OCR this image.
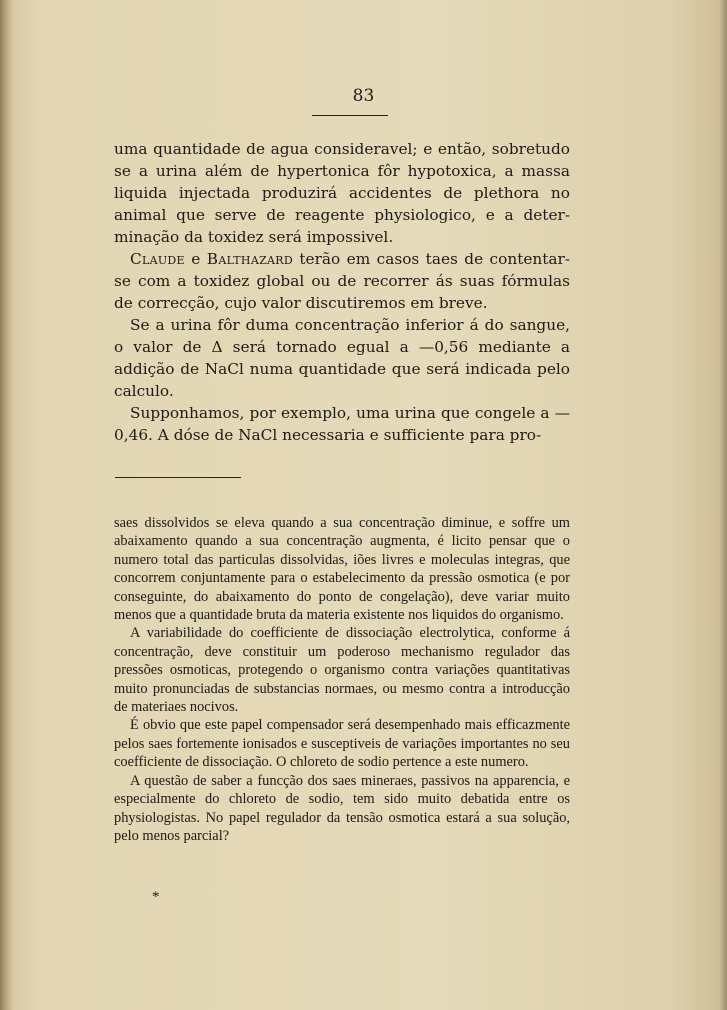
83

uma quantidade de agua consideravel; e então, sobretudo se a urina além de hypertonica fôr hypotoxica, a massa liquida injectada produzirá accidentes de plethora no animal que serve de reagente physiologico, e a determinação da toxidez será impossivel.

Claude e Balthazard terão em casos taes de contentar-se com a toxidez global ou de recorrer ás suas fórmulas de correcção, cujo valor discutiremos em breve.

Se a urina fôr duma concentração inferior á do sangue, o valor de Δ será tornado egual a —0,56 mediante a addição de NaCl numa quantidade que será indicada pelo calculo.

Supponhamos, por exemplo, uma urina que congele a —0,46. A dóse de NaCl necessaria e sufficiente para pro-

saes dissolvidos se eleva quando a sua concentração diminue, e soffre um abaixamento quando a sua concentração augmenta, é licito pensar que o numero total das particulas dissolvidas, iões livres e moleculas integras, que concorrem conjuntamente para o estabelecimento da pressão osmotica (e por conseguinte, do abaixamento do ponto de congelação), deve variar muito menos que a quantidade bruta da materia existente nos liquidos do organismo.

A variabilidade do coefficiente de dissociação electrolytica, conforme á concentração, deve constituir um poderoso mechanismo regulador das pressões osmoticas, protegendo o organismo contra variações quantitativas muito pronunciadas de substancias normaes, ou mesmo contra a introducção de materiaes nocivos.

É obvio que este papel compensador será desempenhado mais efficazmente pelos saes fortemente ionisados e susceptiveis de variações importantes no seu coefficiente de dissociação. O chloreto de sodio pertence a este numero.

A questão de saber a funcção dos saes mineraes, passivos na apparencia, e especialmente do chloreto de sodio, tem sido muito debatida entre os physiologistas. No papel regulador da tensão osmotica estará a sua solução, pelo menos parcial?

*
